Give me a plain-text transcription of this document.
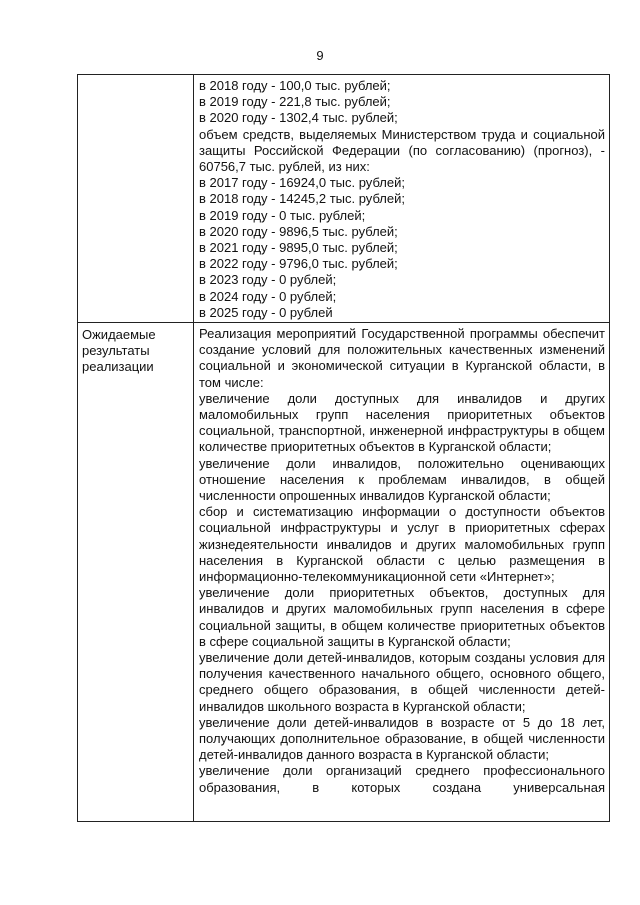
9
в 2018 году - 100,0 тыс. рублей;
в 2019 году - 221,8 тыс. рублей;
в 2020 году - 1302,4 тыс. рублей;
объем средств, выделяемых Министерством труда и социальной защиты Российской Федерации (по согласованию) (прогноз), - 60756,7 тыс. рублей, из них:
в 2017 году - 16924,0 тыс. рублей;
в 2018 году - 14245,2 тыс. рублей;
в 2019 году - 0 тыс. рублей;
в 2020 году - 9896,5 тыс. рублей;
в 2021 году - 9895,0 тыс. рублей;
в 2022 году - 9796,0 тыс. рублей;
в 2023 году - 0 рублей;
в 2024 году - 0 рублей;
в 2025 году - 0 рублей
Ожидаемые результаты реализации
Реализация мероприятий Государственной программы обеспечит создание условий для положительных качественных изменений социальной и экономической ситуации в Курганской области, в том числе:
увеличение доли доступных для инвалидов и других маломобильных групп населения приоритетных объектов социальной, транспортной, инженерной инфраструктуры в общем количестве приоритетных объектов в Курганской области;
увеличение доли инвалидов, положительно оценивающих отношение населения к проблемам инвалидов, в общей численности опрошенных инвалидов Курганской области;
сбор и систематизацию информации о доступности объектов социальной инфраструктуры и услуг в приоритетных сферах жизнедеятельности инвалидов и других маломобильных групп населения в Курганской области с целью размещения в информационно-телекоммуникационной сети «Интернет»;
увеличение доли приоритетных объектов, доступных для инвалидов и других маломобильных групп населения в сфере социальной защиты, в общем количестве приоритетных объектов в сфере социальной защиты в Курганской области;
увеличение доли детей-инвалидов, которым созданы условия для получения качественного начального общего, основного общего, среднего общего образования, в общей численности детей-инвалидов школьного возраста в Курганской области;
увеличение доли детей-инвалидов в возрасте от 5 до 18 лет, получающих дополнительное образование, в общей численности детей-инвалидов данного возраста в Курганской области;
увеличение доли организаций среднего профессионального образования, в которых создана универсальная
